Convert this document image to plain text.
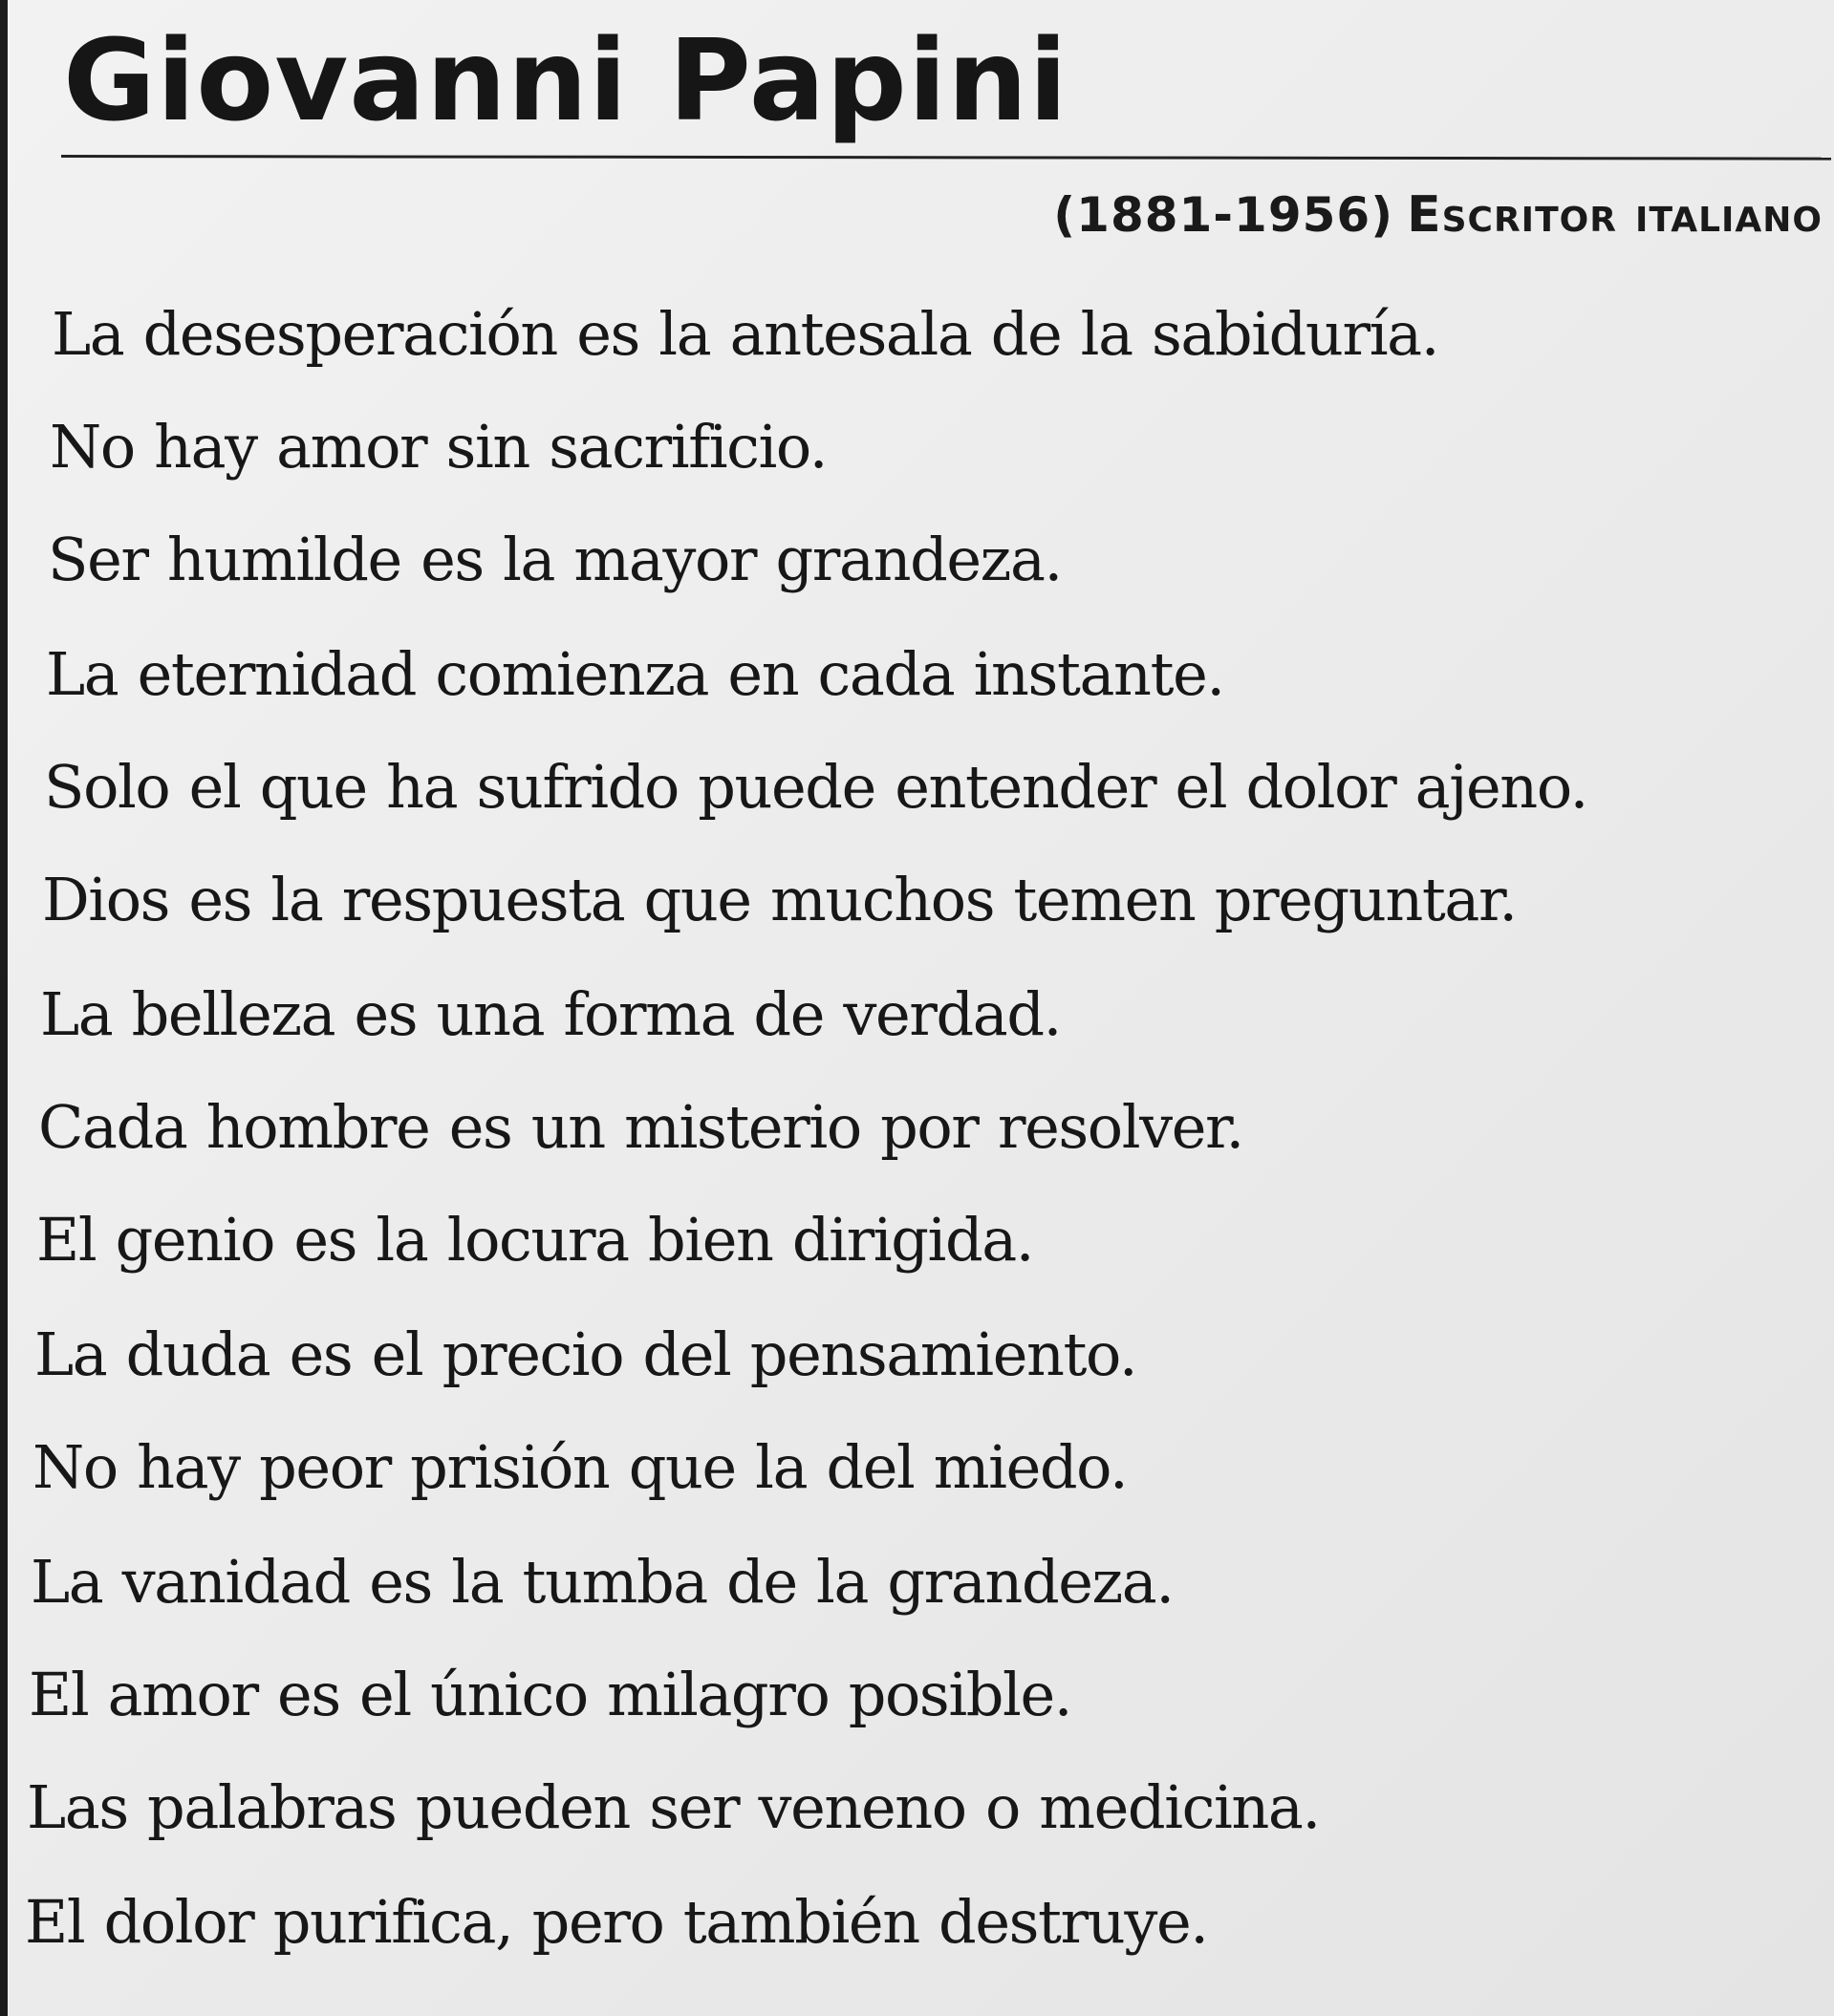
Giovanni Papini
(1881-1956) Escritor italiano
La desesperación es la antesala de la sabiduría.
No hay amor sin sacrificio.
Ser humilde es la mayor grandeza.
La eternidad comienza en cada instante.
Solo el que ha sufrido puede entender el dolor ajeno.
Dios es la respuesta que muchos temen preguntar.
La belleza es una forma de verdad.
Cada hombre es un misterio por resolver.
El genio es la locura bien dirigida.
La duda es el precio del pensamiento.
No hay peor prisión que la del miedo.
La vanidad es la tumba de la grandeza.
El amor es el único milagro posible.
Las palabras pueden ser veneno o medicina.
El dolor purifica, pero también destruye.
